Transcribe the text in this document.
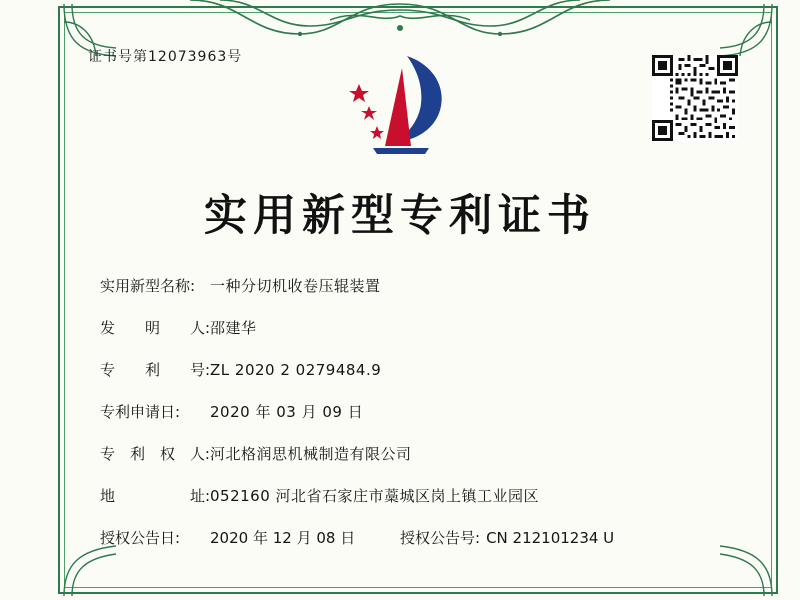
证书号第12073963号
实用新型专利证书
实用新型名称: 一种分切机收卷压辊装置
发 明 人: 邵建华
专 利 号: ZL 2020 2 0279484.9
专利申请日:	2020 年 03 月 09 日
专 利 权 人: 河北格润思机械制造有限公司
地	址: 052160 河北省石家庄市藁城区岗上镇工业园区
授权公告日:	2020 年 12 月 08 日	授权公告号: CN 212101234 U
